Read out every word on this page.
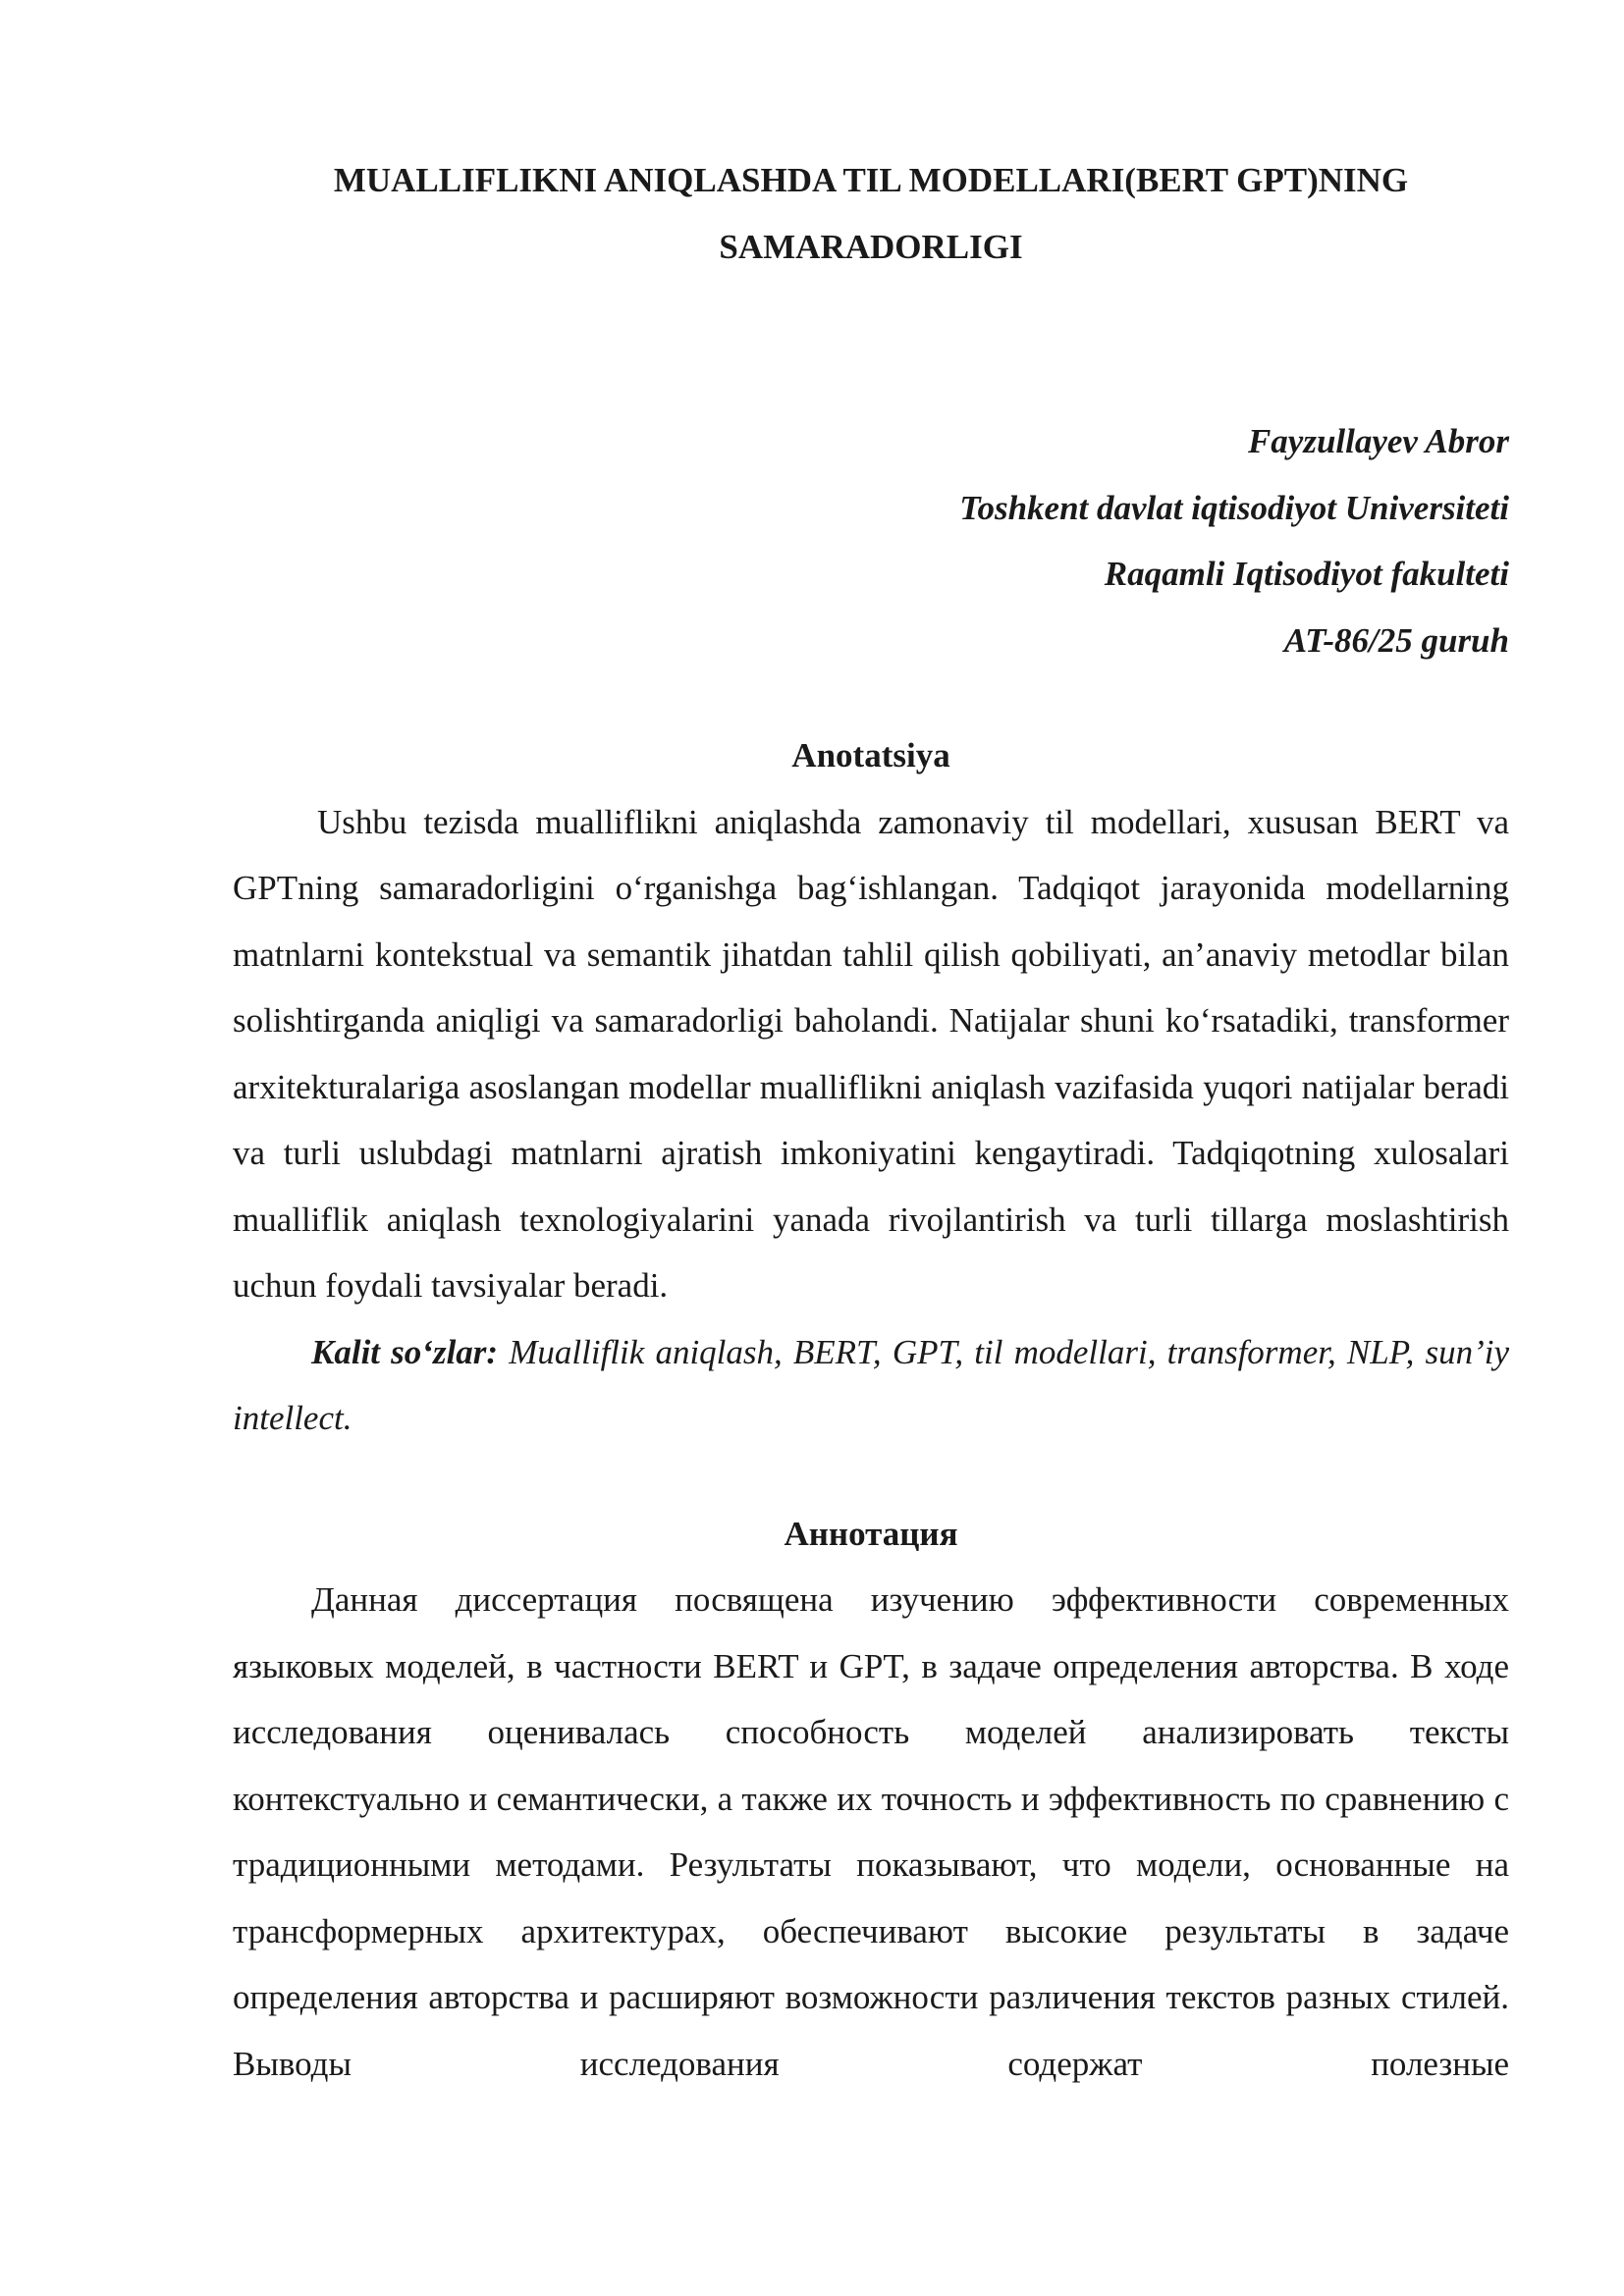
MUALLIFLIKNI ANIQLASHDA TIL MODELLARI(BERT GPT)NING
SAMARADORLIGI
Fayzullayev Abror
Toshkent davlat iqtisodiyot Universiteti
Raqamli Iqtisodiyot fakulteti
AT-86/25 guruh
Anotatsiya

Ushbu tezisda muallifliknі aniqlashda zamonaviy til modellari, xususan BERT va GPTning samaradorligini o‘rganishga bag‘ishlangan. Tadqiqot jarayonida modellarning matnlarni kontekstual va semantik jihatdan tahlil qilish qobiliyati, an’anaviy metodlar bilan solishtirganda aniqligi va samaradorligi baholandi. Natijalar shuni ko‘rsatadiki, transformer arxitekturalariga asoslangan modellar muallifliknі aniqlash vazifasida yuqori natijalar beradi va turli uslubdagi matnlarni ajratish imkoniyatini kengaytiradi. Tadqiqotning xulosalari mualliflik aniqlash texnologiyalarini yanada rivojlantirish va turli tillarga moslashtirish uchun foydali tavsiyalar beradi.

Kalit so‘zlar: Mualliflik aniqlash, BERT, GPT, til modellari, transformer, NLP, sun’iy intellect.

Аннотация

Данная диссертация посвящена изучению эффективности современных языковых моделей, в частности BERT и GPT, в задаче определения авторства. В ходе исследования оценивалась способность моделей анализировать тексты контекстуально и семантически, а также их точность и эффективность по сравнению с традиционными методами. Результаты показывают, что модели, основанные на трансформерных архитектурах, обеспечивают высокие результаты в задаче определения авторства и расширяют возможности различения текстов разных стилей. Выводы исследования содержат полезные
